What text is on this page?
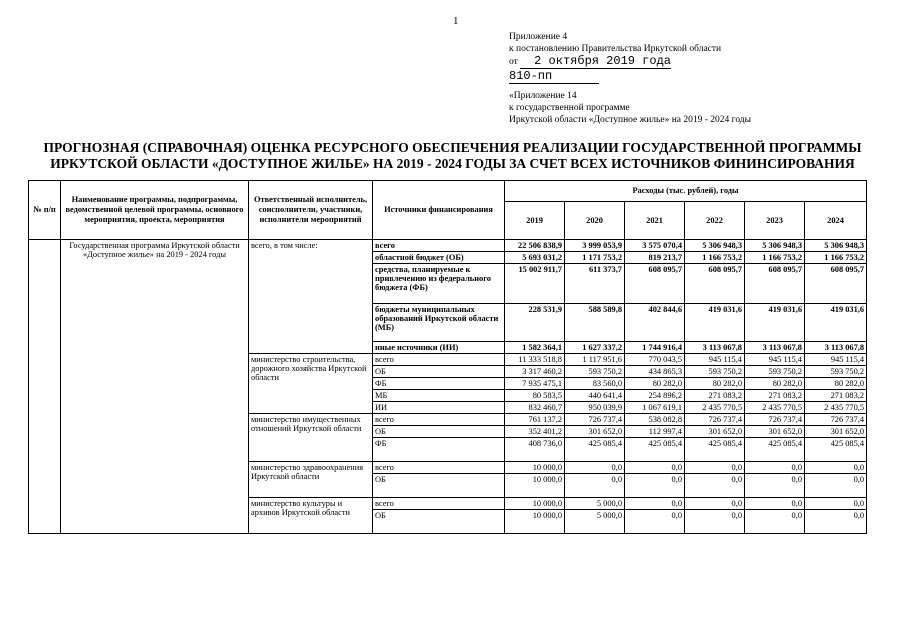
1
Приложение 4
к постановлению Правительства Иркутской области
от 2 октября 2019 года
810-пп
«Приложение 14
к государственной программе
Иркутской области «Доступное жилье» на 2019 - 2024 годы
ПРОГНОЗНАЯ (СПРАВОЧНАЯ) ОЦЕНКА РЕСУРСНОГО ОБЕСПЕЧЕНИЯ РЕАЛИЗАЦИИ ГОСУДАРСТВЕННОЙ ПРОГРАММЫ
ИРКУТСКОЙ ОБЛАСТИ «ДОСТУПНОЕ ЖИЛЬЕ» НА 2019 - 2024 ГОДЫ ЗА СЧЕТ ВСЕХ ИСТОЧНИКОВ ФИНИНСИРОВАНИЯ
№ п/п	Наименование программы, подпрограммы, ведомственной целевой программы, основного мероприятия, проекта, мероприятия	Ответственный исполнитель, соисполнители, участники, исполнители мероприятий	Источники финансирования	Расходы (тыс. рублей), годы					
				2019	2020	2021	2022	2023	2024
	Государственная программа Иркутской области «Доступное жилье» на 2019 - 2024 годы	всего, в том числе:	всего	22 506 838,9	3 999 053,9	3 575 070,4	5 306 948,3	5 306 948,3	5 306 948,3
			областной бюджет (ОБ)	5 693 031,2	1 171 753,2	819 213,7	1 166 753,2	1 166 753,2	1 166 753,2
			средства, планируемые к привлечению из федерального бюджета (ФБ)	15 002 911,7	611 373,7	608 095,7	608 095,7	608 095,7	608 095,7
			бюджеты муниципальных образований Иркутской области (МБ)	228 531,9	588 589,8	402 844,6	419 031,6	419 031,6	419 031,6
			иные источники (ИИ)	1 582 364,1	1 627 337,2	1 744 916,4	3 113 067,8	3 113 067,8	3 113 067,8
		министерство строительства, дорожного хозяйства Иркутской области	всего	11 333 518,8	1 117 951,6	770 043,5	945 115,4	945 115,4	945 115,4
			ОБ	3 317 460,2	593 750,2	434 865,3	593 750,2	593 750,2	593 750,2
			ФБ	7 935 475,1	83 560,0	80 282,0	80 282,0	80 282,0	80 282,0
			МБ	80 583,5	440 641,4	254 896,2	271 083,2	271 083,2	271 083,2
			ИИ	832 460,7	950 039,9	1 067 619,1	2 435 770,5	2 435 770,5	2 435 770,5
		министерство имущественных отношений Иркутской области	всего	761 137,2	726 737,4	538 082,8	726 737,4	726 737,4	726 737,4
			ОБ	352 401,2	301 652,0	112 997,4	301 652,0	301 652,0	301 652,0
			ФБ	408 736,0	425 085,4	425 085,4	425 085,4	425 085,4	425 085,4
		министерство здравоохранения Иркутской области	всего	10 000,0	0,0	0,0	0,0	0,0	0,0
			ОБ	10 000,0	0,0	0,0	0,0	0,0	0,0
		министерство культуры и архивов Иркутской области	всего	10 000,0	5 000,0	0,0	0,0	0,0	0,0
			ОБ	10 000,0	5 000,0	0,0	0,0	0,0	0,0
